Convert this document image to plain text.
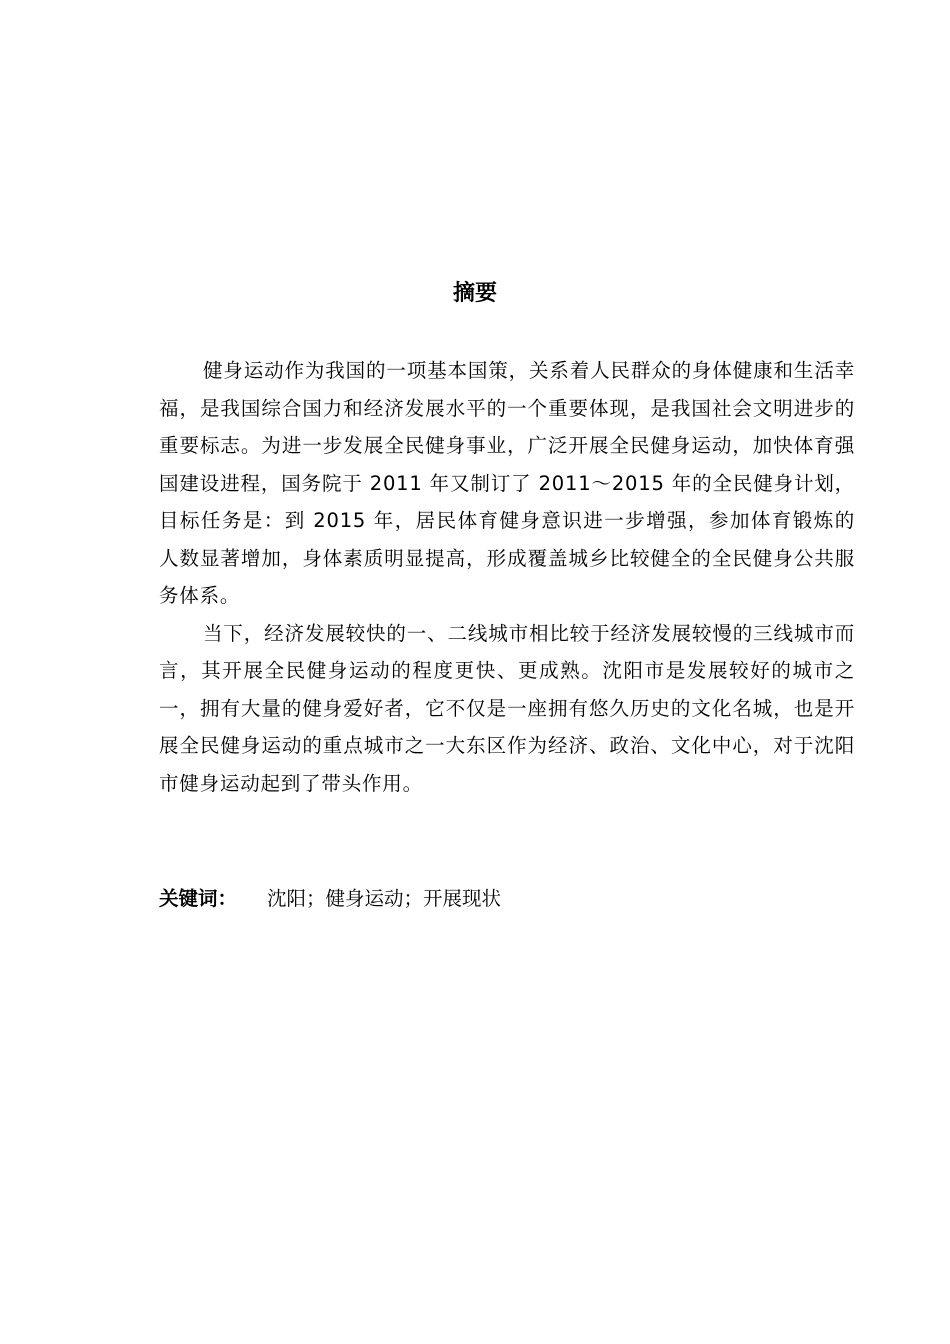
摘要

健身运动作为我国的一项基本国策，关系着人民群众的身体健康和生活幸福，是我国综合国力和经济发展水平的一个重要体现，是我国社会文明进步的重要标志。为进一步发展全民健身事业，广泛开展全民健身运动，加快体育强国建设进程，国务院于 2011 年又制订了 2011～2015 年的全民健身计划，目标任务是：到 2015 年，居民体育健身意识进一步增强，参加体育锻炼的人数显著增加，身体素质明显提高，形成覆盖城乡比较健全的全民健身公共服务体系。

当下，经济发展较快的一、二线城市相比较于经济发展较慢的三线城市而言，其开展全民健身运动的程度更快、更成熟。沈阳市是发展较好的城市之一，拥有大量的健身爱好者，它不仅是一座拥有悠久历史的文化名城，也是开展全民健身运动的重点城市之一大东区作为经济、政治、文化中心，对于沈阳市健身运动起到了带头作用。

关键词： 沈阳；健身运动；开展现状
